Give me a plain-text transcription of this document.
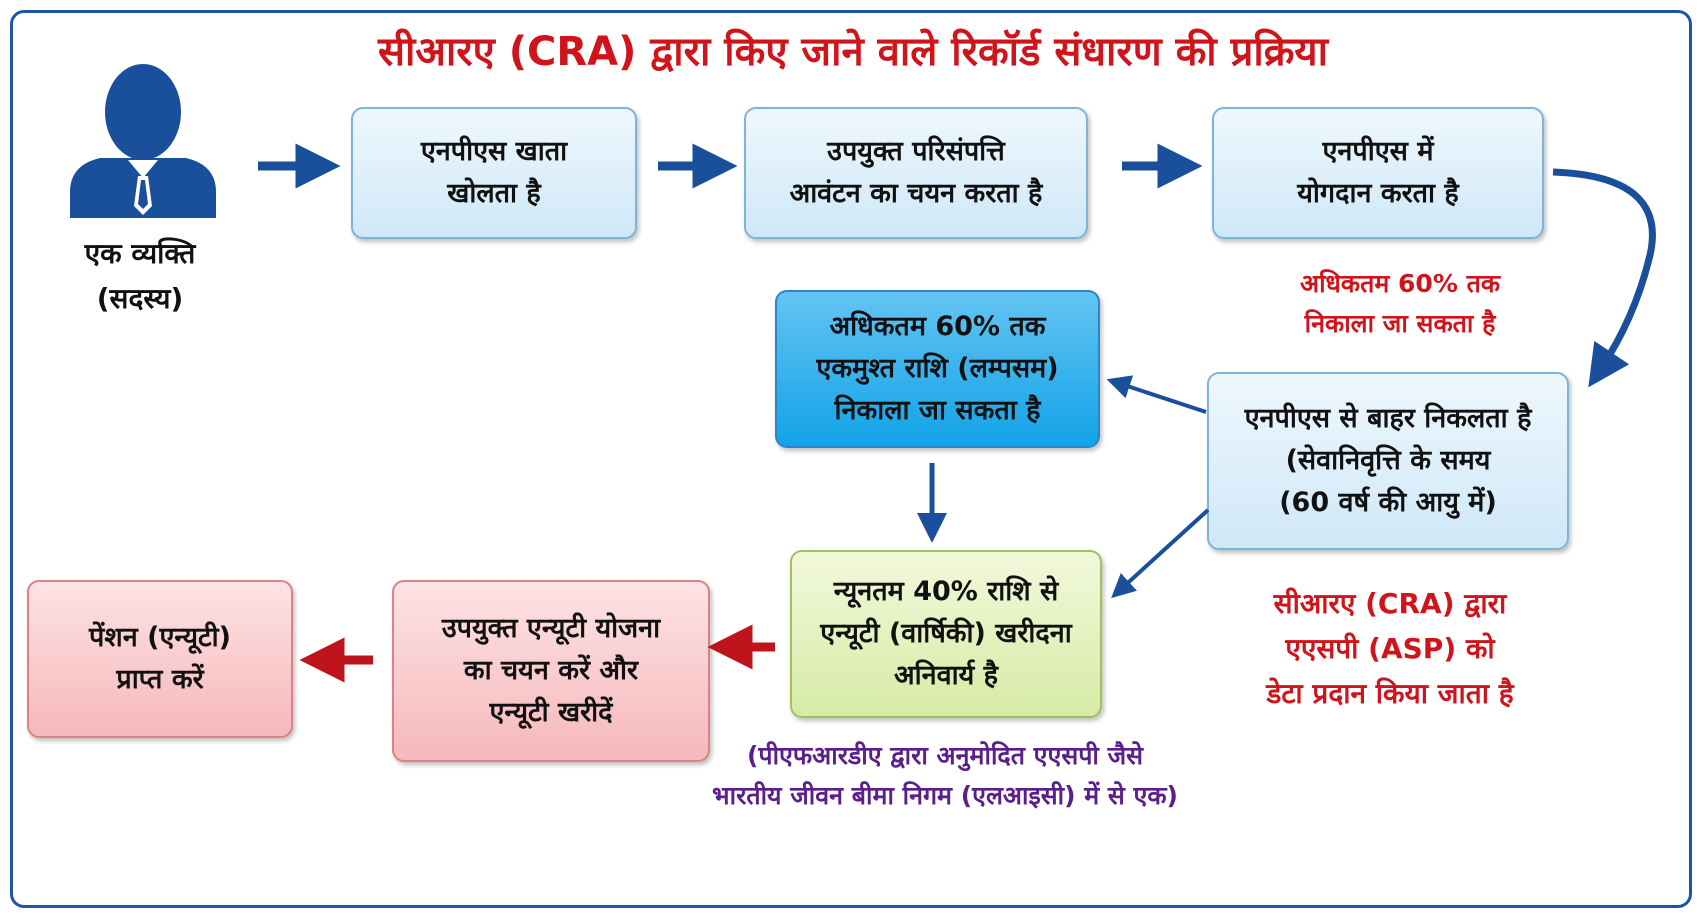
सीआरए (CRA) द्वारा किए जाने वाले रिकॉर्ड संधारण की प्रक्रिया
एक व्यक्ति
(सदस्य)
एनपीएस खाता
खोलता है
उपयुक्त परिसंपत्ति
आवंटन का चयन करता है
एनपीएस में
योगदान करता है
अधिकतम 60% तक
निकाला जा सकता है
अधिकतम 60% तक
एकमुश्त राशि (लम्पसम)
निकाला जा सकता है	एनपीएस से बाहर निकलता है
(सेवानिवृत्ति के समय
(60 वर्ष की आयु में)
न्यूनतम 40% राशि से
एन्यूटी (वार्षिकी) खरीदना
अनिवार्य है
सीआरए (CRA) द्वारा
एएसपी (ASP) को
डेटा प्रदान किया जाता है
उपयुक्त एन्यूटी योजना
का चयन करें और
एन्यूटी खरीदें
पेंशन (एन्यूटी)
प्राप्त करें
(पीएफआरडीए द्वारा अनुमोदित एएसपी जैसे
भारतीय जीवन बीमा निगम (एलआइसी) में से एक)
